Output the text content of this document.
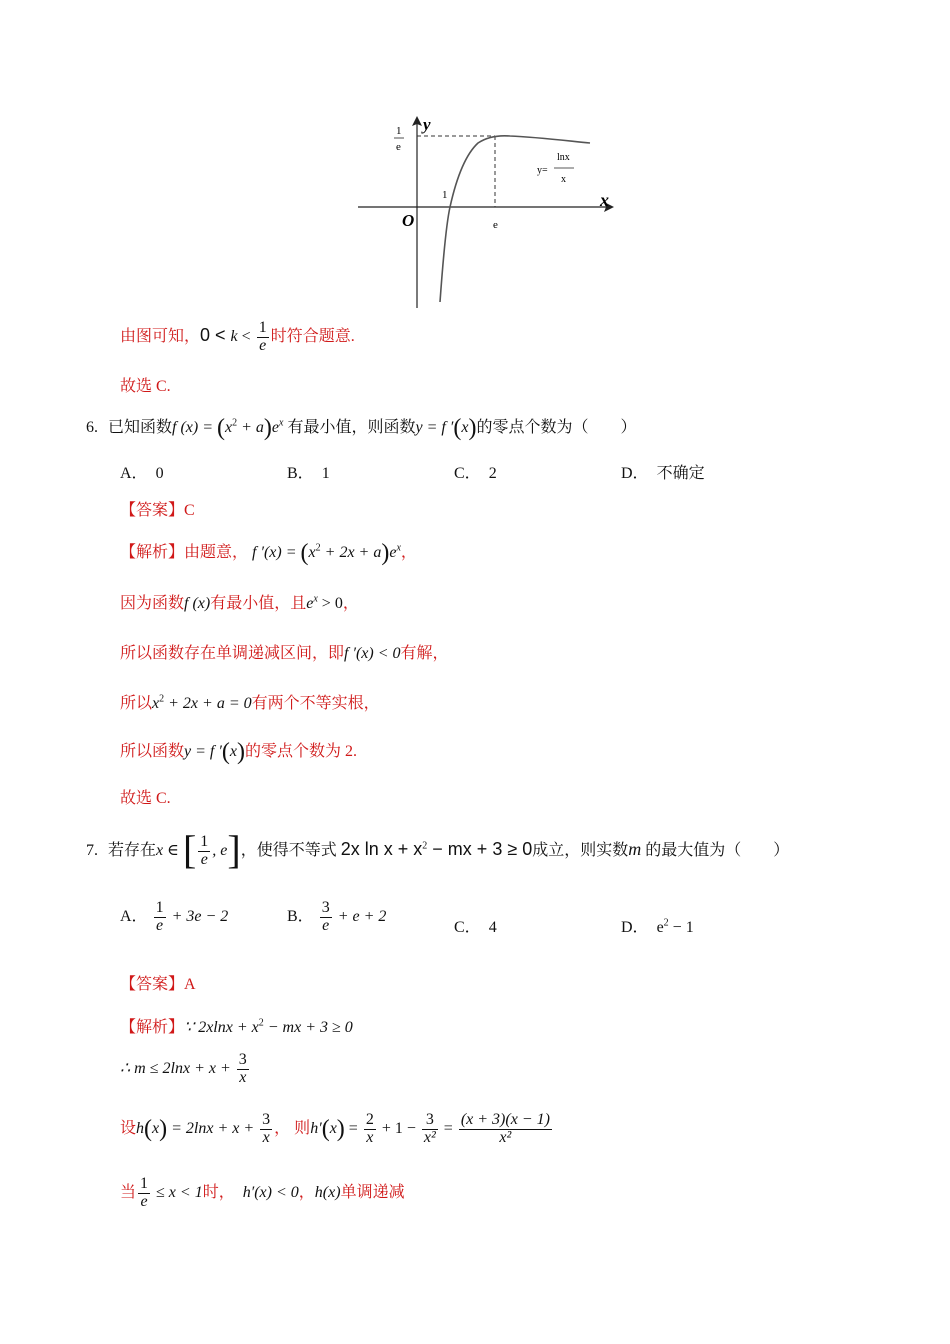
y
x
O
1
e
1
e
y=
lnx
x
由图可知，$0 < k < \frac{1}{e}$ 时符合题意.
故选 C.
6. 已知函数f $(x) = (x^2 + a)e^x$ 有最小值，则函数y = f ′(x)的零点个数为（　　）
A． 0	B． 1	C． 2	D． 不确定
【答案】C
【解析】由题意， f $'(x) = (x^2 + 2x + a)e^x$，
因为函数f (x)有最小值，且$e^x > 0$，
所以函数存在单调递减区间，即f ′(x) < 0有解，
所以$x^2 + 2x + a = 0$有两个不等实根，
所以函数y = f ′(x)的零点个数为 2.
故选 C.
7. 若存在x ∈ [ $\frac{1}{e}$ , e]，使得不等式 2x $\ln x + x^2$ − mx + 3 ≥ 0成立，则实数m 的最大值为（　　）
A． $\frac{1}{e} + 3e - 2$	B． $\frac{3}{e} + e + 2$
C． 4	D． $e^2 - 1$
【答案】A
【解析】∵ $2xlnx + x^2$ − mx + 3 ≥ 0
∴ $m \le 2\ln x + x + \frac{3}{x}$
设$h(x) = 2\ln x + x + \frac{3}{x}$ ， 则$h'(x) = \frac{2}{x} + 1 - \frac{3}{\text{x²}} = \frac{(x + 3)(x - 1)}{\text{x²}}$
当 $\frac{1}{e} \le x < 1$时， h′(x) < 0，h(x)单调递减
